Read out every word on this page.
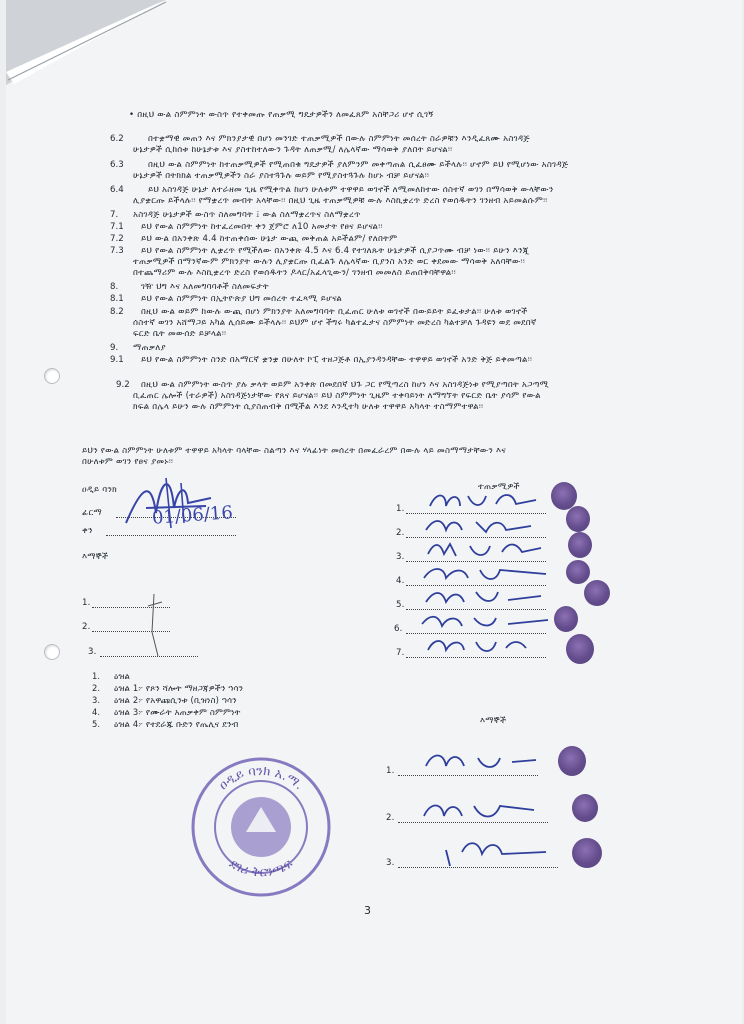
• በዚህ ውል ስምምነት ውስጥ የተቀመጡ የጠቃሚ ግዴታዎችን ለመፈጸም አስቸጋሪ ሆኖ ሲገኝ
6.2	በተቋማዊ መጠን እና ምክንያታዊ በሆነ መንገድ ተጠቃሚዎች በውሉ ስምምነት መሰረት ስራዎቹን እንዲፈጸሙ አስገዳጅ
ሁኔታዎች ሲከሰቱ ከሁኔታቱ እና ያስተከተለውን ጉዳት ለጠቃሚ/ ለሌላኛው ማሳወቅ ያለበት ይሆናል፡፡
6.3	በዚህ ውል ስምምነት ከተጠቃሚዎች የሚጠበቁ ግዴታዎች ያለምንም መቀጣጠል ሲፈፀሙ ይችላሉ፡፡ ሆኖም ይህ የሚሆነው አስገዳጅ
ሁኔታዎች በትክክል ተጠቃሚዎችን ስራ ያስተጓጉሉ ወይም የሚያስተጓጉሉ ከሆኑ ብቻ ይሆናል፡፡
6.4	ይህ አስገዳጅ ሁኔታ ለተራዘመ ጊዜ የሚቀጥል ከሆነ ሁለቱም ተዋዋይ ወገኖች ለሚመለከተው ሰስተኛ ወገን በማሳወቅ ውላቸውን
ሊያቋርጡ ይችላሉ፡፡ የማቋረጥ መብት አላቸው፡፡ በዚህ ጊዜ ተጠቃሚዎቹ ውሉ እስኪቋረጥ ድረስ የወሰዱትን ገንዘብ አይመልሱም፡፡
7. አስገዳጅ ሁኔታዎች ውስጥ ስለመግባት ፤ ውል ስለማቋረጥና ስለማቋረጥ
7.1 ይህ የውል ስምምነት ከተፈረመበት ቀን ጀምሮ ለ10 አመታት የፀና ይሆናል፡፡
7.2 ይህ ውል በአንቀጽ 4.4 ከተጠቀሰው ሁኔታ ውጪ መቅጠል አይችልም/ የለበትም
7.3 ይህ የውል ስምምነት ሊቋረጥ የሚችለው በአንቀጽ 4.5 እና 6.4 የተገለጹት ሁኔታዎች ሲያጋጥሙ ብቻ ነው፡፡ ይሁን እንጂ
ተጠቃሚዎች በማንኛውም ምክንያት ውሉን ሊያቋርጡ ቢፈልጉ ለሌላኛው ቢያንስ አንድ ወር ቀደመው ማሳወቅ አለባቸው፡፡
በተጨማሪም ውሉ እስኪቋረጥ ድረስ የወሰዱትን ዶላር/አፈላጊውን/ ገንዘብ መመለስ ይጠበቅባቸዋል፡፡
8.	ገዥ ህግ እና አለመግባባቶች ስለመፍታት
8.1 ይህ የውል ስምምነት በኢትዮጵያ ህግ መሰረት ተፈጻሚ ይሆናል
8.2 በዚህ ውል ወይም ከውሉ ውጪ በሆነ ምክንያት አለመግባባት ቢፈጠር ሁለቱ ወገኖች በውይይት ይፈቱታል፡፡ ሁለቱ ወገኖች
ሰስተኛ ወገን አሸማጋይ አካል ሊሰይሙ ይችላሉ፡፡ ይህም ሆኖ ችግሩ ካልተፈታና ስምምነት መድረስ ካልተቻለ ጉዳዩን ወደ መደበኛ
ፍርድ ቤት መውሰድ ይቻላል፡፡
9. ማጠቃለያ
9.1 ይህ የውል ስምምነት ስንድ በአማርኛ ቋንቋ በሁለት ኮፒ ተዘጋጅቶ በኢያንዳንዳቸው ተዋዋይ ወገኖች አንድ ቅጅ ይቀመጣል፡፡
9.2 በዚህ ውል ስምምነት ውስጥ ያሉ ቃላት ወይም አንቀጽ በመደበኛ ህጉ ጋር የሚጣረስ ከሆነ እና አስገዳጅነቱ የሚያጣበት አጋጣሚ
ቢፈጠር ሌሎች (ተራዎች) አስገዳጅነታቸው የጸና ይሆናል፡፡ ይህ ስምምነት ጊዜም ተቀባይነት ለማግኘት የፍርድ ቤት ያሳም የውል
ክፍል በሌላ ይሁን ውሉ ስምምነት ሲያስጠብቅ በሚችል እንደ እንዲተካ ሁለቱ ተዋዋይ አካላት ተስማምተዋል፡፡
ይህን የውል ስምምነት ሁለቱም ተዋዋይ አካላት ባላቸው ስልጣን እና ሃላፊነት መሰረት በመፈራረም በውሉ ላይ መስማማታቸውን እና
በሁለቱም ወገን የፀና ያመኑ፡፡
ዐዲይ ባንክ
ፊርማ
ቀን
01/06/16
እማኞች
1.
2.
3.
ተጠቃሚዎች
1.
2.
3.
4.
5.
6.
7.
1. ዕዝል
2. ዕዝል 1፦ የጾን ሻሎት ማዘጋጃዎችን ኀሳን
3. ዕዝል 2፦ የአዋጩሲንቱ (ቢዝነስ) ኀሳን
4. ዕዝል 3፦ የሙራት አጠቃቀም ስምምነት
5. ዕዝል 4፦ የተደራጁ ቡድን የጤሊና ደንብ	እማኞች
1.
2.
3.
ዐዲይ ባንክ አ.ማ.
ደገሪ ቅርንጫፍ
3
